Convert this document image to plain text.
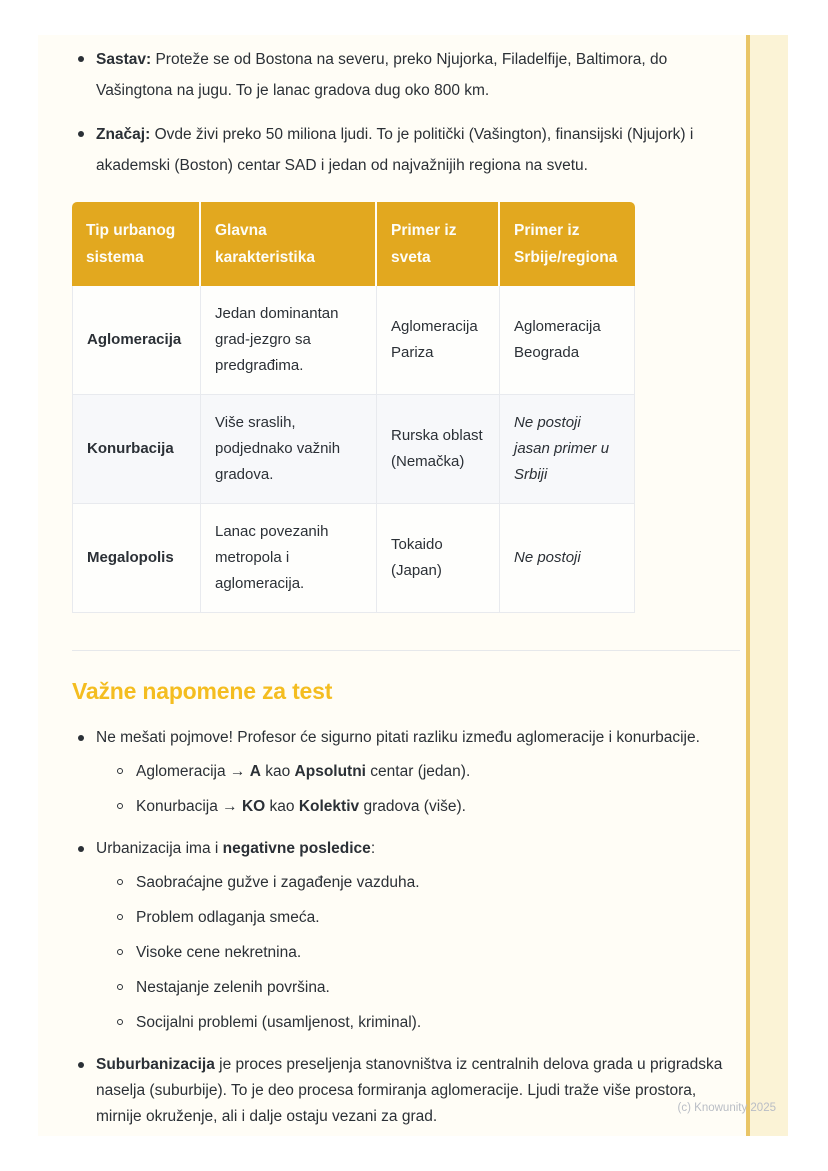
Sastav: Proteže se od Bostona na severu, preko Njujorka, Filadelfije, Baltimora, do Vašingtona na jugu. To je lanac gradova dug oko 800 km.
Značaj: Ovde živi preko 50 miliona ljudi. To je politički (Vašington), finansijski (Njujork) i akademski (Boston) centar SAD i jedan od najvažnijih regiona na svetu.
Tip urbanog sistema	Glavna karakteristika	Primer iz sveta	Primer iz Srbije/regiona
Aglomeracija	Jedan dominantan grad-jezgro sa predgrađima.	Aglomeracija Pariza	Aglomeracija Beograda
Konurbacija	Više sraslih, podjednako važnih gradova.	Rurska oblast (Nemačka)	Ne postoji jasan primer u Srbiji
Megalopolis	Lanac povezanih metropola i aglomeracija.	Tokaido (Japan)	Ne postoji
Važne napomene za test
Ne mešati pojmove! Profesor će sigurno pitati razliku između aglomeracije i konurbacije.
Aglomeracija → A kao Apsolutni centar (jedan).
Konurbacija → KO kao Kolektiv gradova (više).
Urbanizacija ima i negativne posledice:
Saobraćajne gužve i zagađenje vazduha.
Problem odlaganja smeća.
Visoke cene nekretnina.
Nestajanje zelenih površina.
Socijalni problemi (usamljenost, kriminal).
Suburbanizacija je proces preseljenja stanovništva iz centralnih delova grada u prigradska naselja (suburbije). To je deo procesa formiranja aglomeracije. Ljudi traže više prostora, mirnije okruženje, ali i dalje ostaju vezani za grad.	(c) Knowunity 2025
